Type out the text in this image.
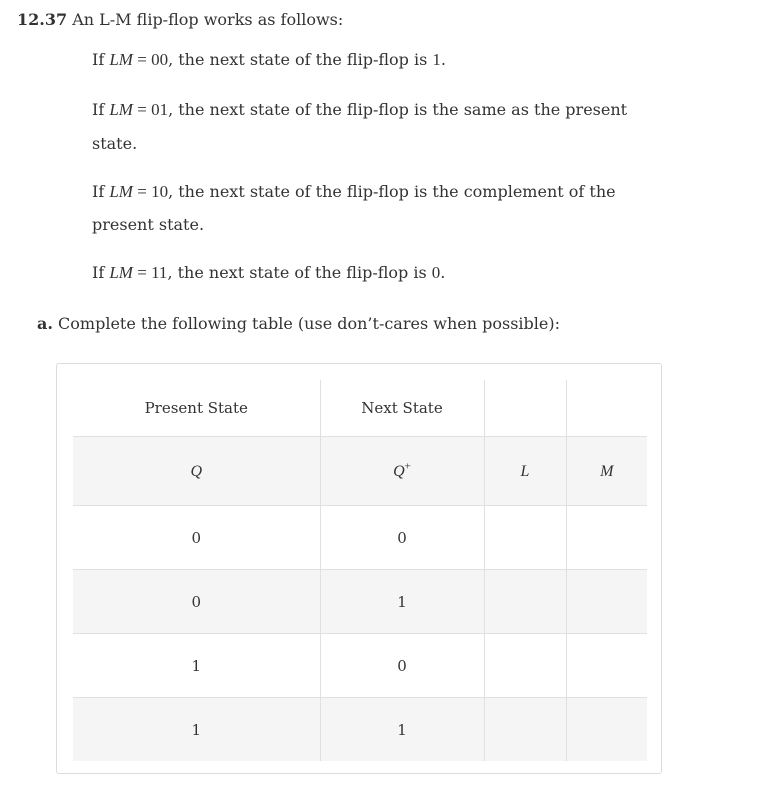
12.37 An L-M flip-flop works as follows:
If LM = 00, the next state of the flip-flop is 1.
If LM = 01, the next state of the flip-flop is the same as the present
state.
If LM = 10, the next state of the flip-flop is the complement of the
present state.
If LM = 11, the next state of the flip-flop is 0.
a. Complete the following table (use don’t-cares when possible):
Present State	Next State		
Q	Q+	L	M
0	0		
0	1		
1	0		
1	1		
